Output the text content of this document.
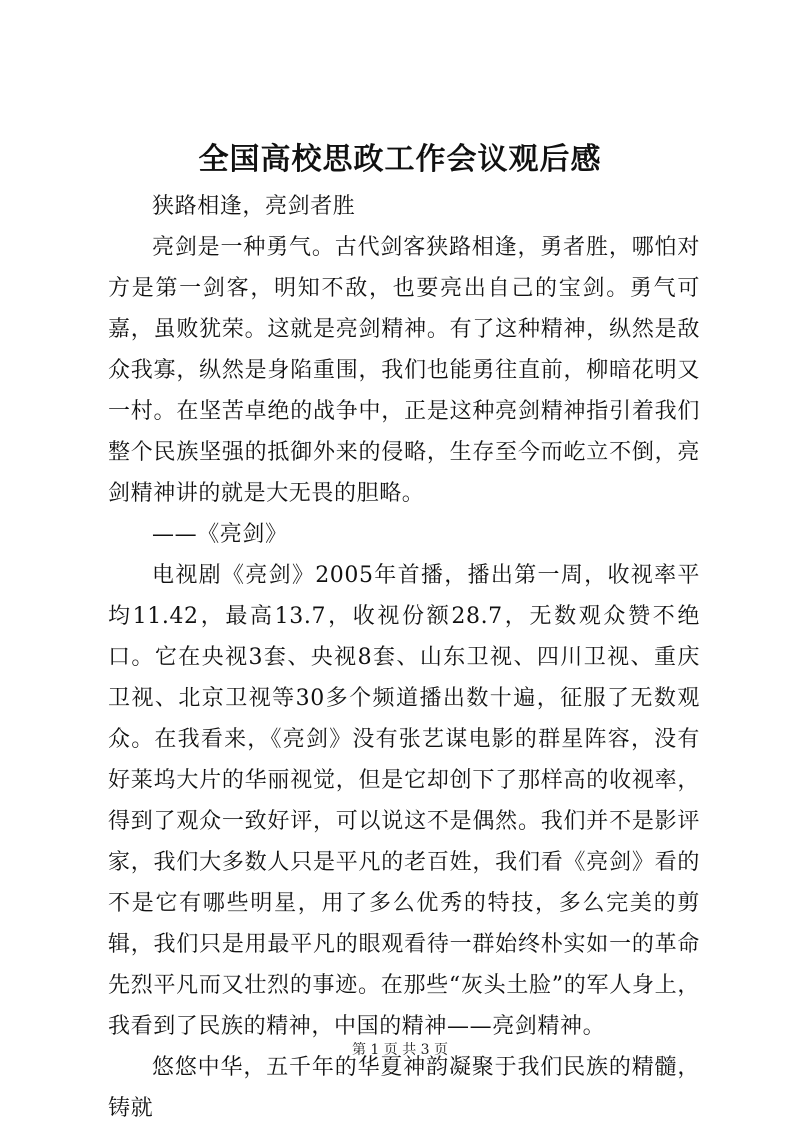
全国高校思政工作会议观后感

狭路相逢，亮剑者胜

亮剑是一种勇气。古代剑客狭路相逢，勇者胜，哪怕对方是第一剑客，明知不敌，也要亮出自己的宝剑。勇气可嘉，虽败犹荣。这就是亮剑精神。有了这种精神，纵然是敌众我寡，纵然是身陷重围，我们也能勇往直前，柳暗花明又一村。在坚苦卓绝的战争中，正是这种亮剑精神指引着我们整个民族坚强的抵御外来的侵略，生存至今而屹立不倒，亮剑精神讲的就是大无畏的胆略。

——《亮剑》

电视剧《亮剑》2005年首播，播出第一周，收视率平均11.42，最高13.7，收视份额28.7，无数观众赞不绝口。它在央视3套、央视8套、山东卫视、四川卫视、重庆卫视、北京卫视等30多个频道播出数十遍，征服了无数观众。在我看来，《亮剑》没有张艺谋电影的群星阵容，没有好莱坞大片的华丽视觉，但是它却创下了那样高的收视率，得到了观众一致好评，可以说这不是偶然。我们并不是影评家，我们大多数人只是平凡的老百姓，我们看《亮剑》看的不是它有哪些明星，用了多么优秀的特技，多么完美的剪辑，我们只是用最平凡的眼观看待一群始终朴实如一的革命先烈平凡而又壮烈的事迹。在那些“灰头土脸”的军人身上，我看到了民族的精神，中国的精神——亮剑精神。

悠悠中华，五千年的华夏神韵凝聚于我们民族的精髓，铸就

第 1 页 共 3 页
